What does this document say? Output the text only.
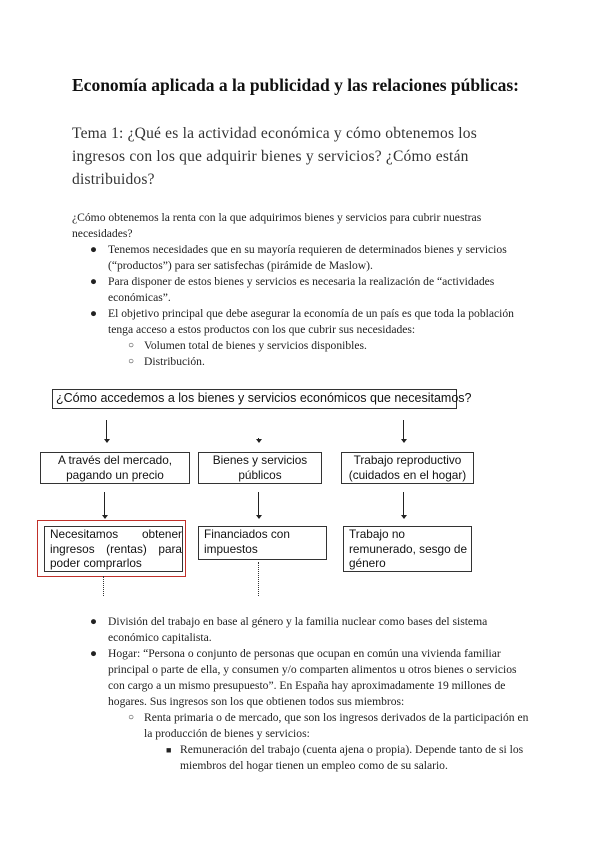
Economía aplicada a la publicidad y las relaciones públicas:
Tema 1: ¿Qué es la actividad económica y cómo obtenemos los ingresos con los que adquirir bienes y servicios? ¿Cómo están distribuidos?
¿Cómo obtenemos la renta con la que adquirimos bienes y servicios para cubrir nuestras necesidades?
● Tenemos necesidades que en su mayoría requieren de determinados bienes y servicios (“productos”) para ser satisfechas (pirámide de Maslow).
● Para disponer de estos bienes y servicios es necesaria la realización de “actividades económicas”.
● El objetivo principal que debe asegurar la economía de un país es que toda la población tenga acceso a estos productos con los que cubrir sus necesidades:
○ Volumen total de bienes y servicios disponibles.
○ Distribución.
¿Cómo accedemos a los bienes y servicios económicos que necesitamos?
A través del mercado, pagando un precio
Bienes y servicios públicos
Trabajo reproductivo (cuidados en el hogar)
Necesitamos obtener ingresos (rentas) para poder comprarlos
Financiados con impuestos
Trabajo no remunerado, sesgo de género
● División del trabajo en base al género y la familia nuclear como bases del sistema económico capitalista.
● Hogar: “Persona o conjunto de personas que ocupan en común una vivienda familiar principal o parte de ella, y consumen y/o comparten alimentos u otros bienes o servicios con cargo a un mismo presupuesto”. En España hay aproximadamente 19 millones de hogares. Sus ingresos son los que obtienen todos sus miembros:
○ Renta primaria o de mercado, que son los ingresos derivados de la participación en la producción de bienes y servicios:
■ Remuneración del trabajo (cuenta ajena o propia). Depende tanto de si los miembros del hogar tienen un empleo como de su salario.
